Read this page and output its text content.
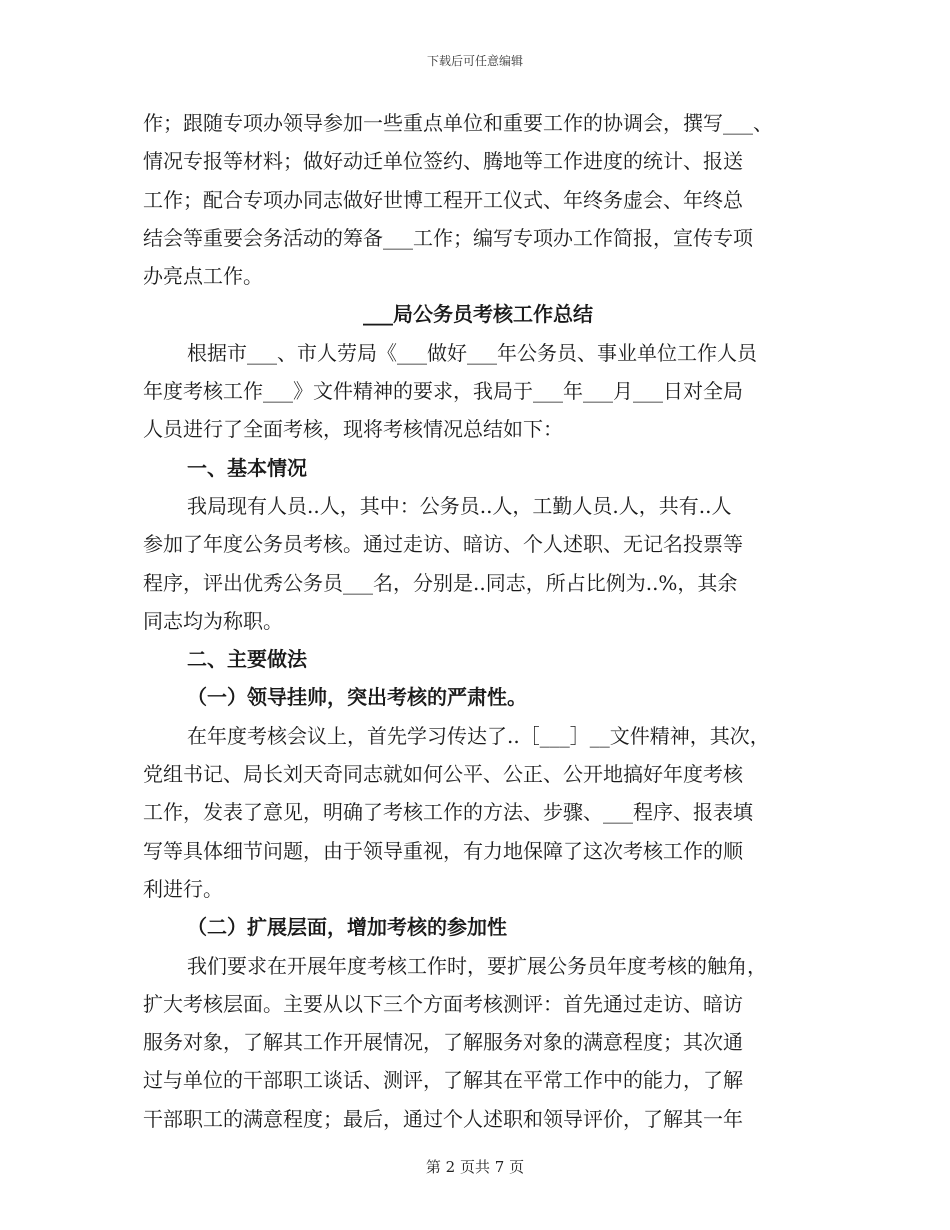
下载后可任意编辑

作；跟随专项办领导参加一些重点单位和重要工作的协调会，撰写___、

情况专报等材料；做好动迁单位签约、腾地等工作进度的统计、报送

工作；配合专项办同志做好世博工程开工仪式、年终务虚会、年终总

结会等重要会务活动的筹备___工作；编写专项办工作简报，宣传专项

办亮点工作。

___局公务员考核工作总结

根据市___、市人劳局《___做好___年公务员、事业单位工作人员

年度考核工作___》文件精神的要求，我局于___年___月___日对全局

人员进行了全面考核，现将考核情况总结如下：

一、基本情况

我局现有人员..人，其中：公务员..人，工勤人员.人，共有..人

参加了年度公务员考核。通过走访、暗访、个人述职、无记名投票等

程序，评出优秀公务员___名，分别是..同志，所占比例为..%，其余

同志均为称职。

二、主要做法

（一）领导挂帅，突出考核的严肃性。

在年度考核会议上，首先学习传达了..［___］__文件精神，其次，

党组书记、局长刘天奇同志就如何公平、公正、公开地搞好年度考核

工作，发表了意见，明确了考核工作的方法、步骤、___程序、报表填

写等具体细节问题，由于领导重视，有力地保障了这次考核工作的顺

利进行。

（二）扩展层面，增加考核的参加性

我们要求在开展年度考核工作时，要扩展公务员年度考核的触角，

扩大考核层面。主要从以下三个方面考核测评：首先通过走访、暗访

服务对象，了解其工作开展情况，了解服务对象的满意程度；其次通

过与单位的干部职工谈话、测评，了解其在平常工作中的能力，了解

干部职工的满意程度；最后，通过个人述职和领导评价，了解其一年

第 2 页共 7 页
